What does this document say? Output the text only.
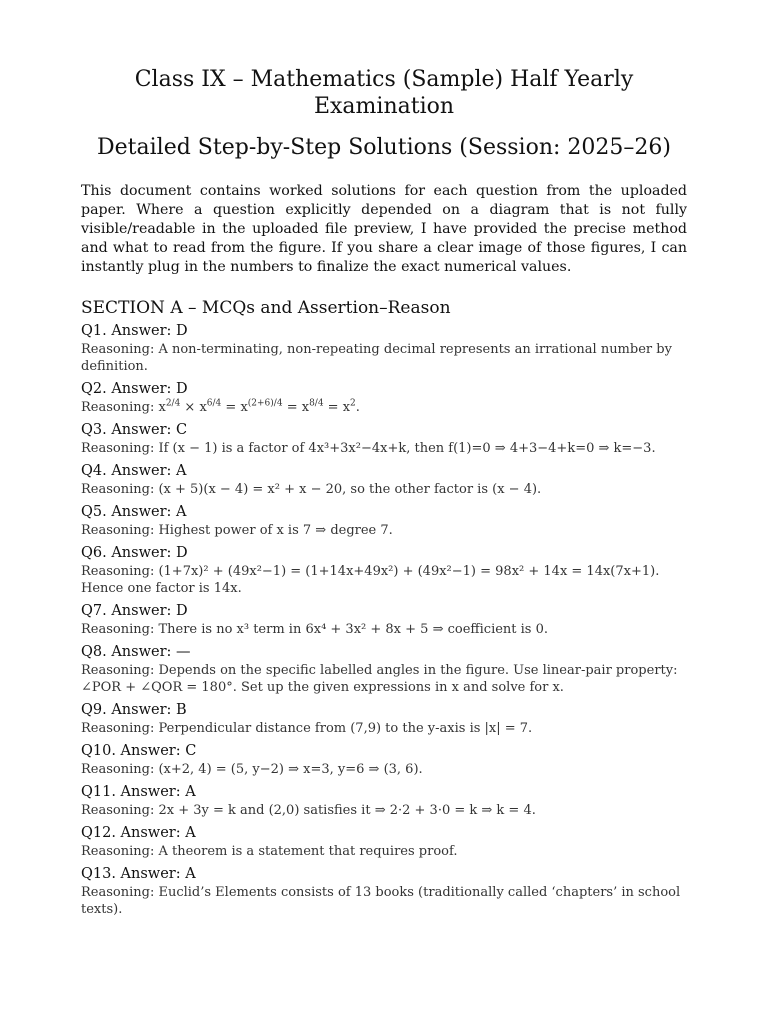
Class IX – Mathematics (Sample) Half Yearly Examination
Detailed Step-by-Step Solutions (Session: 2025–26)

This document contains worked solutions for each question from the uploaded paper. Where a question explicitly depended on a diagram that is not fully visible/readable in the uploaded file preview, I have provided the precise method and what to read from the figure. If you share a clear image of those figures, I can instantly plug in the numbers to finalize the exact numerical values.

SECTION A – MCQs and Assertion–Reason

Q1. Answer: D

Reasoning: A non-terminating, non-repeating decimal represents an irrational number by definition.

Q2. Answer: D

Reasoning: $x^{2/4} \times x^{6/4} = x^{(2+6)/4} = x^{8/4} = x^2$.

Q3. Answer: C

Reasoning: If (x − 1) is a factor of 4x³+3x²−4x+k, then f(1)=0 ⇒ 4+3−4+k=0 ⇒ k=−3.

Q4. Answer: A

Reasoning: (x + 5)(x − 4) = x² + x − 20, so the other factor is (x − 4).

Q5. Answer: A

Reasoning: Highest power of x is 7 ⇒ degree 7.

Q6. Answer: D

Reasoning: (1+7x)² + (49x²−1) = (1+14x+49x²) + (49x²−1) = 98x² + 14x = 14x(7x+1). Hence one factor is 14x.

Q7. Answer: D

Reasoning: There is no x³ term in 6x⁴ + 3x² + 8x + 5 ⇒ coefficient is 0.

Q8. Answer: —

Reasoning: Depends on the specific labelled angles in the figure. Use linear-pair property: ∠POR + ∠QOR = 180°. Set up the given expressions in x and solve for x.

Q9. Answer: B

Reasoning: Perpendicular distance from (7,9) to the y-axis is |x| = 7.

Q10. Answer: C

Reasoning: (x+2, 4) = (5, y−2) ⇒ x=3, y=6 ⇒ (3, 6).

Q11. Answer: A

Reasoning: 2x + 3y = k and (2,0) satisfies it ⇒ 2·2 + 3·0 = k ⇒ k = 4.

Q12. Answer: A

Reasoning: A theorem is a statement that requires proof.

Q13. Answer: A

Reasoning: Euclid’s Elements consists of 13 books (traditionally called ‘chapters’ in school texts).
